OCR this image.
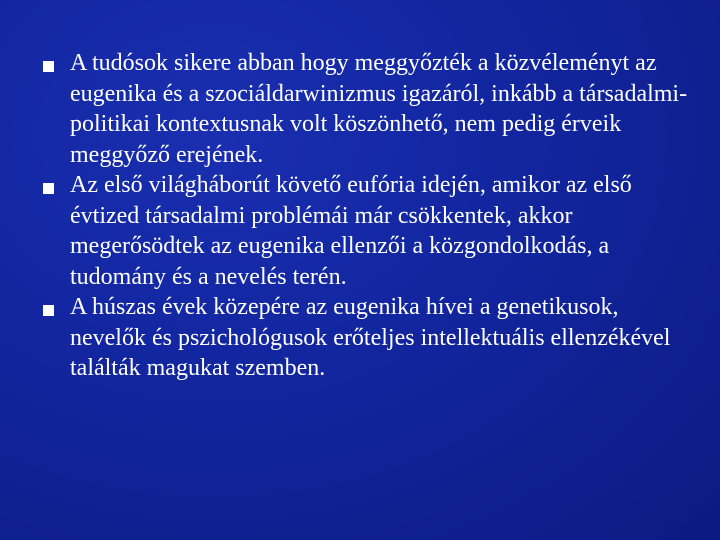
A tudósok sikere abban hogy meggyőzték a közvéleményt az eugenika és a szociáldarwinizmus igazáról, inkább a társadalmi-politikai kontextusnak volt köszönhető, nem pedig érveik meggyőző erejének.
Az első világháborút követő eufória idején, amikor az első évtized társadalmi problémái már csökkentek, akkor megerősödtek az eugenika ellenzői a közgondolkodás, a tudomány és a nevelés terén.
A húszas évek közepére az eugenika hívei a genetikusok, nevelők és pszichológusok erőteljes intellektuális ellenzékével találták magukat szemben.
